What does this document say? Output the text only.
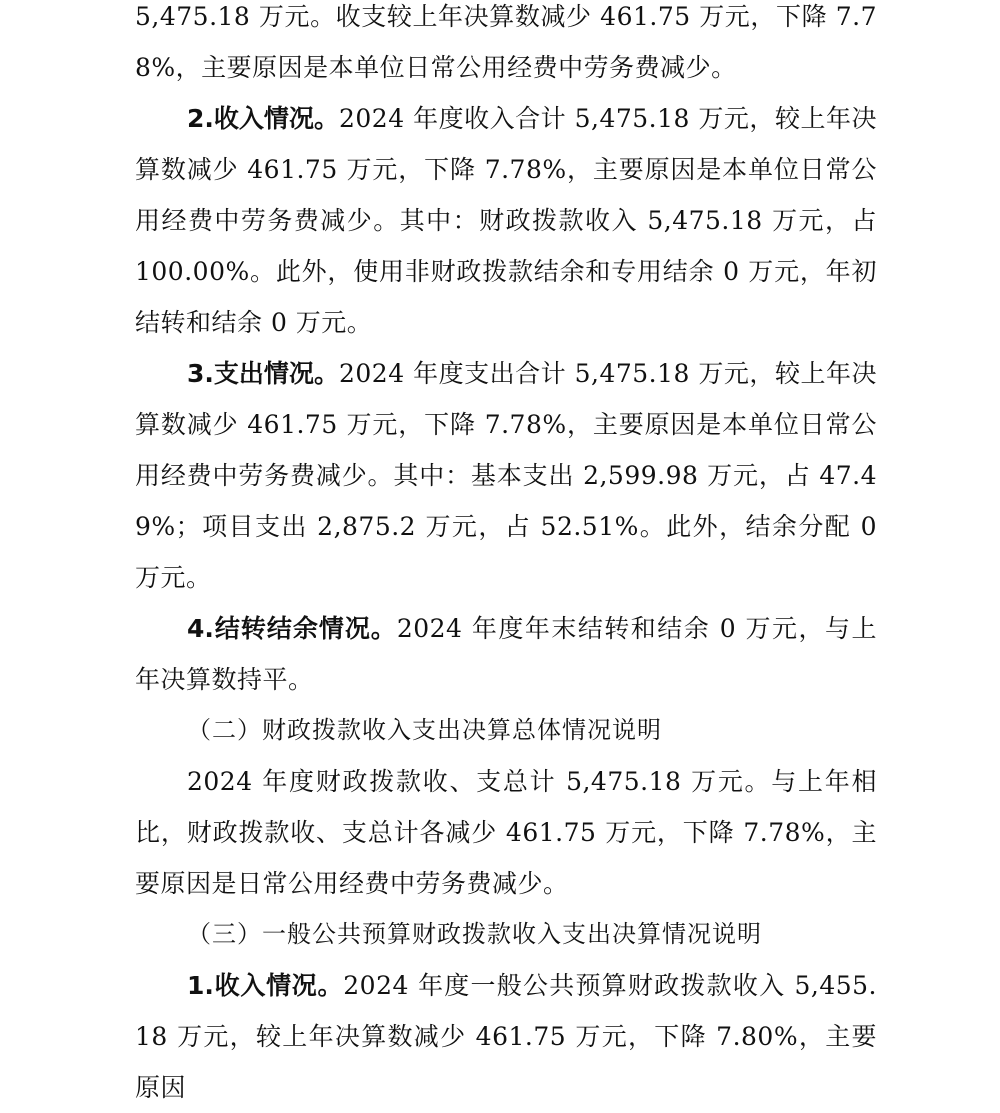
5,475.18 万元。收支较上年决算数减少 461.75 万元，下降 7.78%，主要原因是本单位日常公用经费中劳务费减少。

2.收入情况。2024 年度收入合计 5,475.18 万元，较上年决算数减少 461.75 万元，下降 7.78%，主要原因是本单位日常公用经费中劳务费减少。其中：财政拨款收入 5,475.18 万元，占 100.00%。此外，使用非财政拨款结余和专用结余 0 万元，年初结转和结余 0 万元。

3.支出情况。2024 年度支出合计 5,475.18 万元，较上年决算数减少 461.75 万元，下降 7.78%，主要原因是本单位日常公用经费中劳务费减少。其中：基本支出 2,599.98 万元，占 47.49%；项目支出 2,875.2 万元，占 52.51%。此外，结余分配 0 万元。

4.结转结余情况。2024 年度年末结转和结余 0 万元，与上年决算数持平。

（二）财政拨款收入支出决算总体情况说明

2024 年度财政拨款收、支总计 5,475.18 万元。与上年相比，财政拨款收、支总计各减少 461.75 万元，下降 7.78%，主要原因是日常公用经费中劳务费减少。

（三）一般公共预算财政拨款收入支出决算情况说明

1.收入情况。2024 年度一般公共预算财政拨款收入 5,455.18 万元，较上年决算数减少 461.75 万元，下降 7.80%，主要原因
